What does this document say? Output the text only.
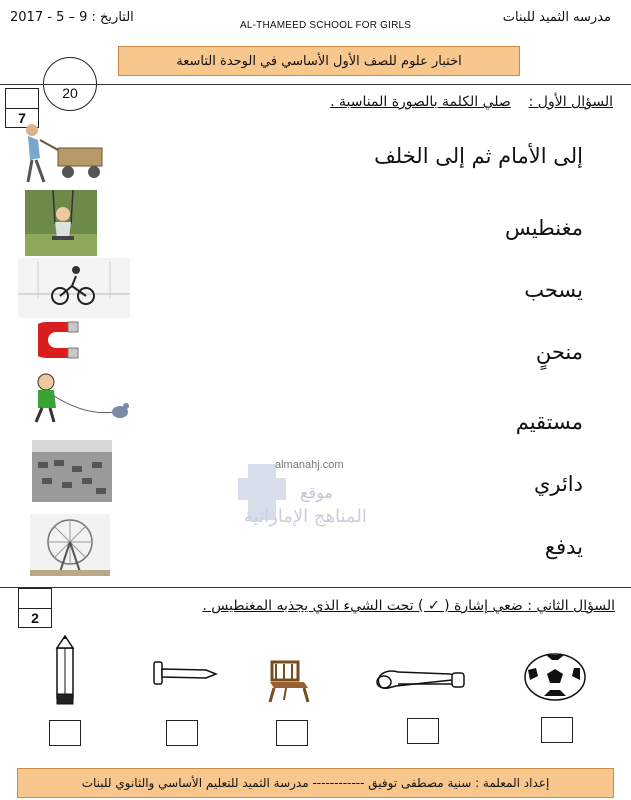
مدرسه الثميد للبنات
AL-THAMEED SCHOOL FOR GIRLS
التاريخ : 9 – 5 - 2017
اختبار علوم للصف الأول الأساسي في الوحدة التاسعة
20
7
السؤال الأول :    صلي الكلمة بالصورة المناسبة .
إلى الأمام ثم إلى الخلف
مغنطيس
يسحب
منحنٍ
مستقيم
دائري
يدفع
موقع
المناهج الإماراتية
almanahj.com
2
السؤال الثاني : ضعي إشارة ( ✓ ) تحت الشيء الذي يجذبه المغنطيس .
إعداد المعلمة : سنية مصطفى توفيق ------------ مدرسة الثميد للتعليم الأساسي والثانوي للبنات
